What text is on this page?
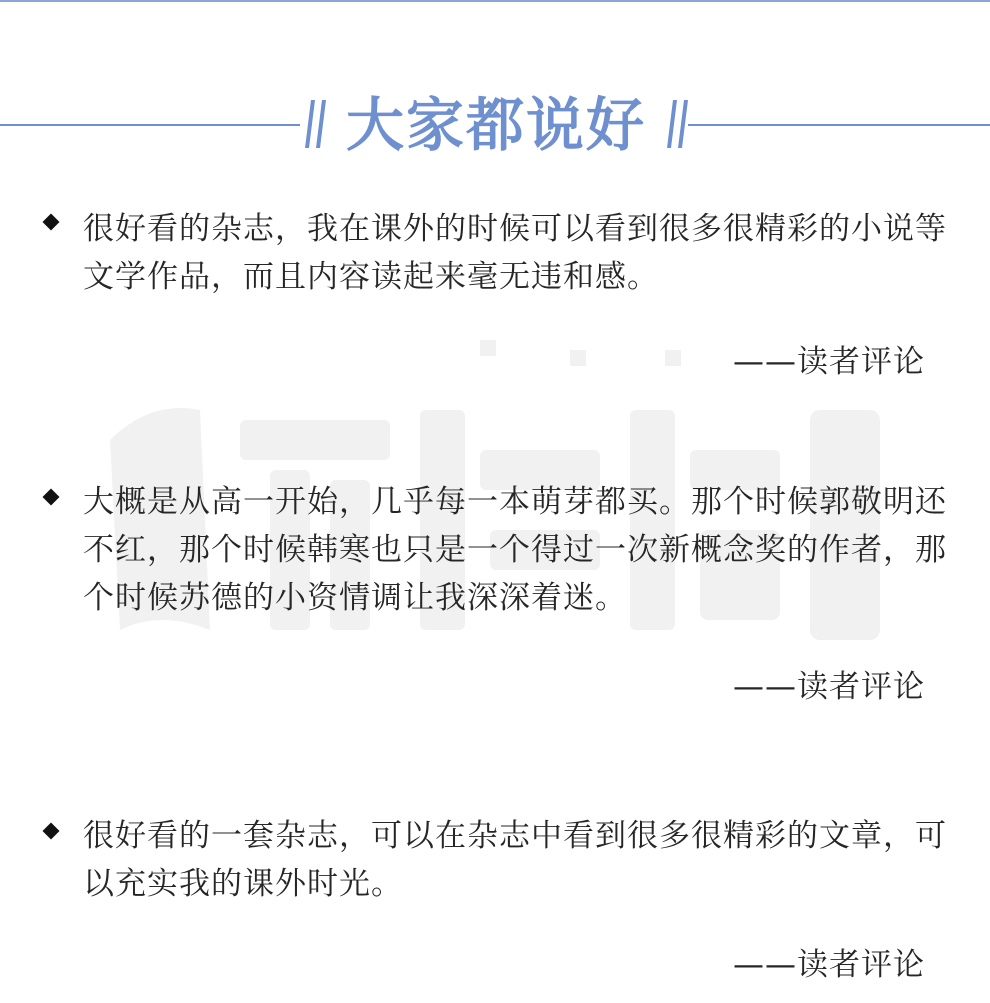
大家都说好
很好看的杂志，我在课外的时候可以看到很多很精彩的小说等文学作品，而且内容读起来毫无违和感。
——读者评论
大概是从高一开始，几乎每一本萌芽都买。那个时候郭敬明还不红，那个时候韩寒也只是一个得过一次新概念奖的作者，那个时候苏德的小资情调让我深深着迷。
——读者评论
很好看的一套杂志，可以在杂志中看到很多很精彩的文章，可以充实我的课外时光。
——读者评论
